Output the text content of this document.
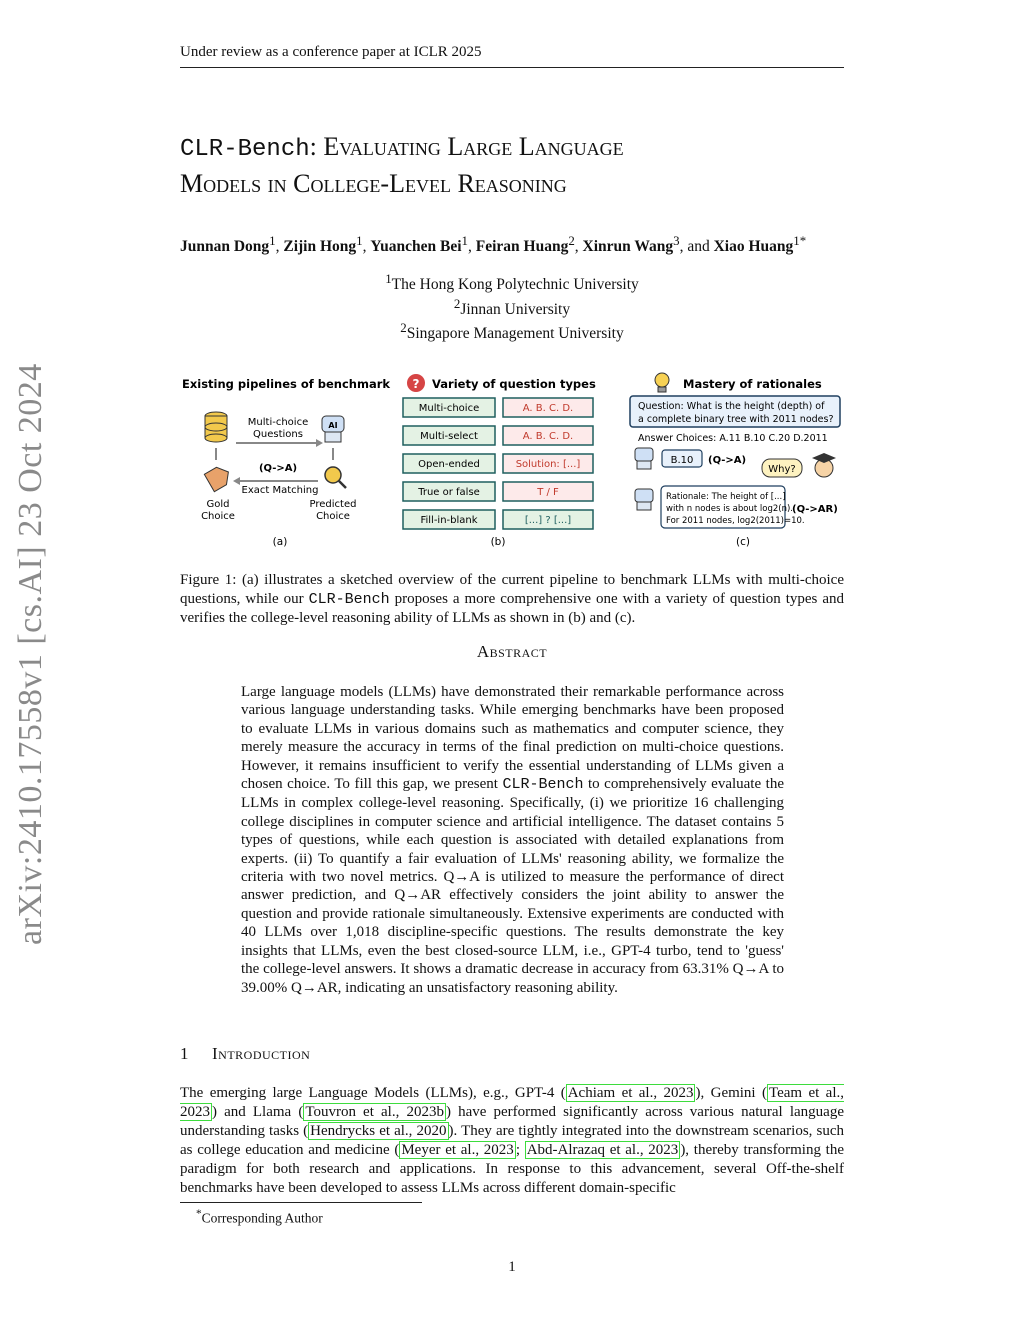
Under review as a conference paper at ICLR 2025
arXiv:2410.17558v1 [cs.AI] 23 Oct 2024
CLR-Bench: Evaluating Large Language
Models in College-Level Reasoning
Junnan Dong$^1$, Zijin Hong$^1$, Yuanchen Bei$^1$, Feiran Huang$^2$, Xinrun Wang$^3$, and Xiao Huang$^{1*}$
$^1$The Hong Kong Polytechnic University
$^2$Jinnan University
$^2$Singapore Management University
Existing pipelines of benchmark
Multi-choice
Questions
AI
(Q->A)
Exact Matching
Gold
Choice
Predicted
Choice
(a)
? Variety of question types
Multi-choice	A. B. C. D.
Multi-select	A. B. C. D.
Open-ended	Solution: [...]
True or false	T / F
Fill-in-blank	[...] ? [...]
(b)
Mastery of rationales
Question: What is the height (depth) of
a complete binary tree with 2011 nodes?
Answer Choices: A.11 B.10 C.20 D.2011
B.10 (Q->A)
Why?
Rationale: The height of [...]
with n nodes is about log2(n).
For 2011 nodes, log2(2011)=10.
(Q->AR)
(c)
Figure 1: (a) illustrates a sketched overview of the current pipeline to benchmark LLMs with multi-choice questions, while our CLR-Bench proposes a more comprehensive one with a variety of question types and verifies the college-level reasoning ability of LLMs as shown in (b) and (c).
Abstract
Large language models (LLMs) have demonstrated their remarkable performance across various language understanding tasks. While emerging benchmarks have been proposed to evaluate LLMs in various domains such as mathematics and computer science, they merely measure the accuracy in terms of the final prediction on multi-choice questions. However, it remains insufficient to verify the essential understanding of LLMs given a chosen choice. To fill this gap, we present CLR-Bench to comprehensively evaluate the LLMs in complex college-level reasoning. Specifically, (i) we prioritize 16 challenging college disciplines in computer science and artificial intelligence. The dataset contains 5 types of questions, while each question is associated with detailed explanations from experts. (ii) To quantify a fair evaluation of LLMs' reasoning ability, we formalize the criteria with two novel metrics. Q→A is utilized to measure the performance of direct answer prediction, and Q→AR effectively considers the joint ability to answer the question and provide rationale simultaneously. Extensive experiments are conducted with 40 LLMs over 1,018 discipline-specific questions. The results demonstrate the key insights that LLMs, even the best closed-source LLM, i.e., GPT-4 turbo, tend to 'guess' the college-level answers. It shows a dramatic decrease in accuracy from 63.31% Q→A to 39.00% Q→AR, indicating an unsatisfactory reasoning ability.
1 Introduction
The emerging large Language Models (LLMs), e.g., GPT-4 ( Achiam et al., 2023 ), Gemini ( Team et al., 2023 ) and Llama ( Touvron et al., 2023b ) have performed significantly across various natural language understanding tasks ( Hendrycks et al., 2020 ). They are tightly integrated into the downstream scenarios, such as college education and medicine ( Meyer et al., 2023 ; Abd-Alrazaq et al., 2023 ), thereby transforming the paradigm for both research and applications. In response to this advancement, several Off-the-shelf benchmarks have been developed to assess LLMs across different domain-specific
*Corresponding Author
1
